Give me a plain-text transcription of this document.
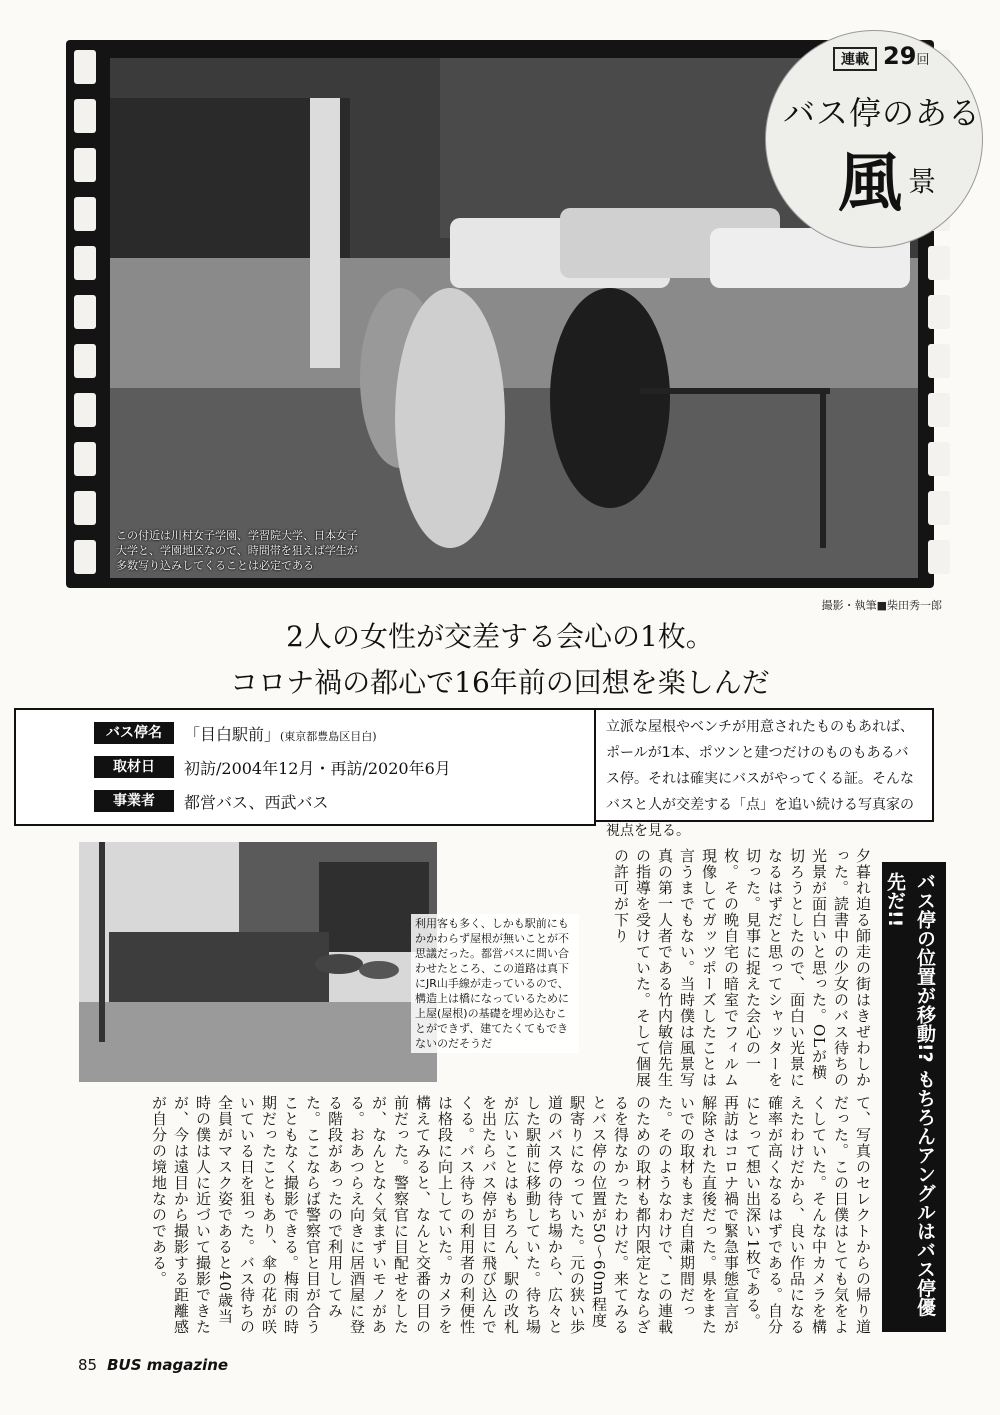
この付近は川村女子学園、学習院大学、日本女子大学と、学園地区なので、時間帯を狙えば学生が多数写り込みしてくることは必定である
撮影・執筆■柴田秀一郎
連載 29回
バス停のある
風 景
2人の女性が交差する会心の1枚。
コロナ禍の都心で16年前の回想を楽しんだ
バス停名	「目白駅前」(東京都豊島区目白)
取材日	初訪/2004年12月・再訪/2020年6月
事業者	都営バス、西武バス
立派な屋根やベンチが用意されたものもあれば、ポールが1本、ポツンと建つだけのものもあるバス停。それは確実にバスがやってくる証。そんなバスと人が交差する「点」を追い続ける写真家の視点を見る。
利用客も多く、しかも駅前にもかかわらず屋根が無いことが不思議だった。都営バスに問い合わせたところ、この道路は真下にJR山手線が走っているので、構造上は橋になっているために上屋(屋根)の基礎を埋め込むことができず、建てたくてもできないのだそうだ	夕暮れ迫る師走の街はきぜわしかった。読書中の少女のバス待ちの光景が面白いと思った。OLが横切ろうとしたので、面白い光景になるはずだと思ってシャッターを切った。見事に捉えた会心の一枚。その晩自宅の暗室でフィルム現像してガッツポーズしたことは言うまでもない。当時僕は風景写真の第一人者である竹内敏信先生の指導を受けていた。そして個展の許可が下り
て、写真のセレクトからの帰り道だった。この日僕はとても気をよくしていた。そんな中カメラを構えたわけだから、良い作品になる確率が高くなるはずである。自分にとって想い出深い1枚である。再訪はコロナ禍で緊急事態宣言が解除された直後だった。県をまたいでの取材もまだ自粛期間だった。そのようなわけで、この連載のための取材も都内限定とならざるを得なかったわけだ。来てみるとバス停の位置が50〜60m程度駅寄りになっていた。元の狭い歩道のバス停の待ち場から、広々とした駅前に移動していた。待ち場が広いことはもちろん、駅の改札を出たらバス停が目に飛び込んでくる。バス待ちの利用者の利便性は格段に向上していた。カメラを構えてみると、なんと交番の目の前だった。警察官に目配せをしたが、なんとなく気まずいモノがある。おあつらえ向きに居酒屋に登る階段があったので利用してみた。ここならば警察官と目が合うこともなく撮影できる。梅雨の時期だったこともあり、傘の花が咲いている日を狙った。バス待ちの全員がマスク姿であると40歳当時の僕は人に近づいて撮影できたが、今は遠目から撮影する距離感が自分の境地なのである。	バス停の位置が移動!? もちろんアングルはバス停優先だ!!
85 BUS magazine
